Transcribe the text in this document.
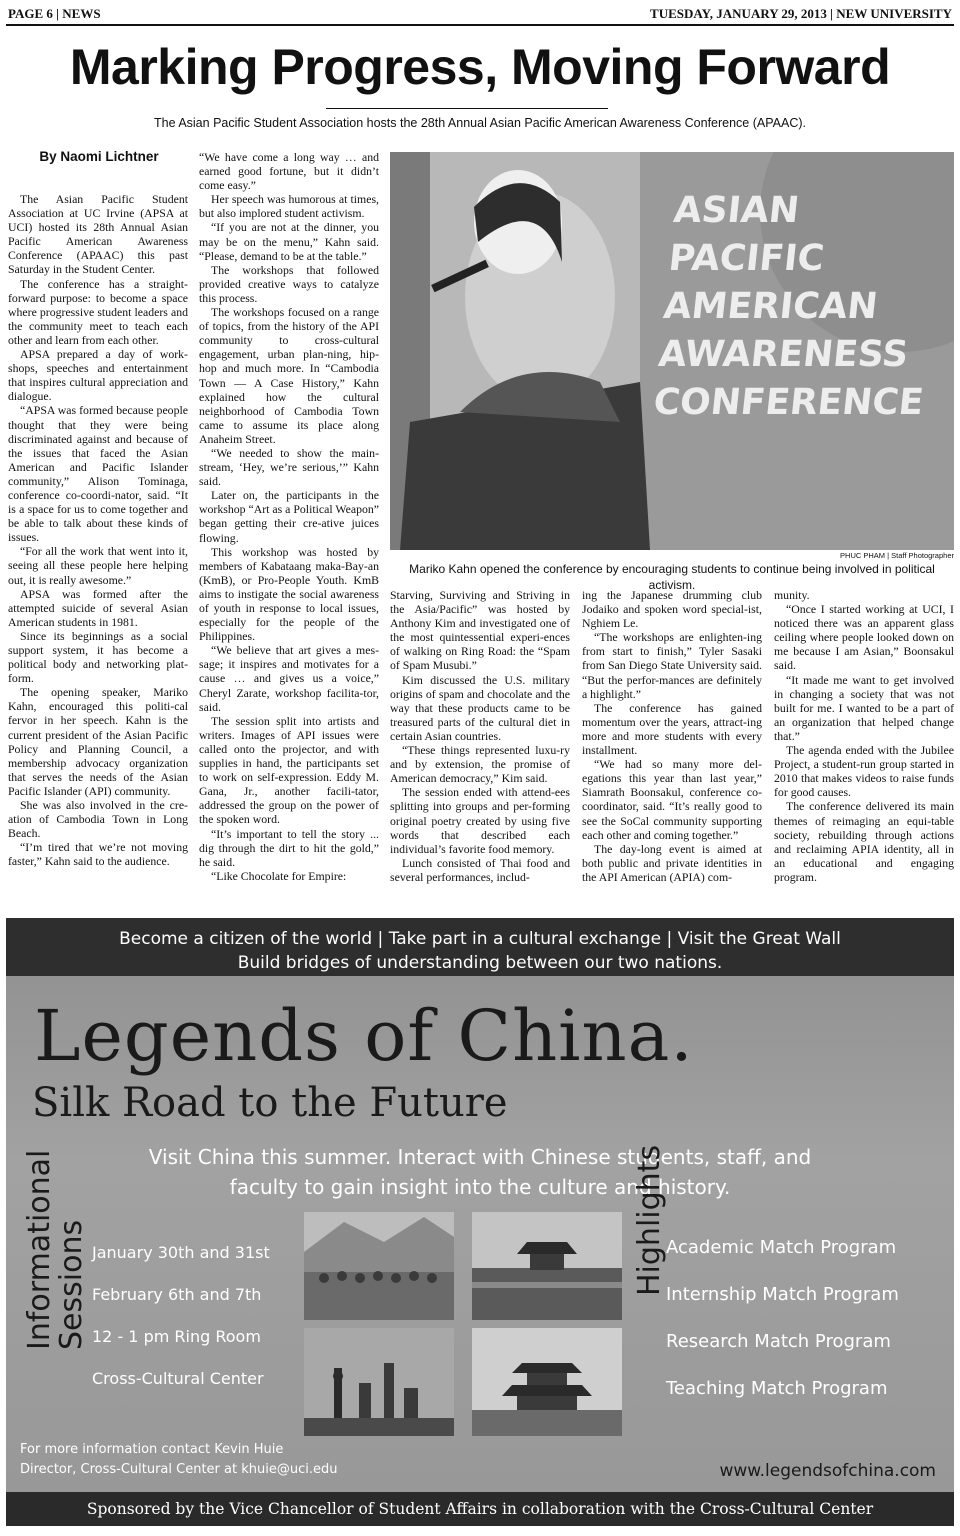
PAGE 6 | NEWS	TUESDAY, JANUARY 29, 2013 | NEW UNIVERSITY
Marking Progress, Moving Forward
The Asian Pacific Student Association hosts the 28th Annual Asian Pacific American Awareness Conference (APAAC).
By Naomi Lichtner

The Asian Pacific Student Association at UC Irvine (APSA at UCI) hosted its 28th Annual Asian Pacific American Awareness Conference (APAAC) this past Saturday in the Student Center.

The conference has a straight-forward purpose: to become a space where progressive student leaders and the community meet to teach each other and learn from each other.

APSA prepared a day of work-shops, speeches and entertainment that inspires cultural appreciation and dialogue.

“APSA was formed because people thought that they were being discriminated against and because of the issues that faced the Asian American and Pacific Islander community,” Alison Tominaga, conference co-coordi-nator, said. “It is a space for us to come together and be able to talk about these kinds of issues.

“For all the work that went into it, seeing all these people here helping out, it is really awesome.”

APSA was formed after the attempted suicide of several Asian American students in 1981.

Since its beginnings as a social support system, it has become a political body and networking plat-form.

The opening speaker, Mariko Kahn, encouraged this politi-cal fervor in her speech. Kahn is the current president of the Asian Pacific Policy and Planning Council, a membership advocacy organization that serves the needs of the Asian Pacific Islander (API) community.

She was also involved in the cre-ation of Cambodia Town in Long Beach.

“I’m tired that we’re not moving faster,” Kahn said to the audience.

“We have come a long way … and earned good fortune, but it didn’t come easy.”

Her speech was humorous at times, but also implored student activism.

“If you are not at the dinner, you may be on the menu,” Kahn said. “Please, demand to be at the table.”

The workshops that followed provided creative ways to catalyze this process.

The workshops focused on a range of topics, from the history of the API community to cross-cultural engagement, urban plan-ning, hip-hop and much more. In “Cambodia Town — A Case History,” Kahn explained how the cultural neighborhood of Cambodia Town came to assume its place along Anaheim Street.

“We needed to show the main-stream, ‘Hey, we’re serious,’” Kahn said.

Later on, the participants in the workshop “Art as a Political Weapon” began getting their cre-ative juices flowing.

This workshop was hosted by members of Kabataang maka-Bay-an (KmB), or Pro-People Youth. KmB aims to instigate the social awareness of youth in response to local issues, especially for the people of the Philippines.

“We believe that art gives a mes-sage; it inspires and motivates for a cause … and gives us a voice,” Cheryl Zarate, workshop facilita-tor, said.

The session split into artists and writers. Images of API issues were called onto the projector, and with supplies in hand, the participants set to work on self-expression. Eddy M. Gana, Jr., another facili-tator, addressed the group on the power of the spoken word.

“It’s important to tell the story ... dig through the dirt to hit the gold,” he said.

“Like Chocolate for Empire:

ASIAN
PACIFIC
AMERICAN
AWARENESS
CONFERENCE
PHUC PHAM | Staff Photographer
Mariko Kahn opened the conference by encouraging students to continue being involved in political activism.

Starving, Surviving and Striving in the Asia/Pacific” was hosted by Anthony Kim and investigated one of the most quintessential experi-ences of walking on Ring Road: the “Spam of Spam Musubi.”

Kim discussed the U.S. military origins of spam and chocolate and the way that these products came to be treasured parts of the cultural diet in certain Asian countries.

“These things represented luxu-ry and by extension, the promise of American democracy,” Kim said.

The session ended with attend-ees splitting into groups and per-forming original poetry created by using five words that described each individual’s favorite food memory.

Lunch consisted of Thai food and several performances, includ-

ing the Japanese drumming club Jodaiko and spoken word special-ist, Nghiem Le.

“The workshops are enlighten-ing from start to finish,” Tyler Sasaki from San Diego State University said. “But the perfor-mances are definitely a highlight.”

The conference has gained momentum over the years, attract-ing more and more students with every installment.

“We had so many more del-egations this year than last year,” Siamrath Boonsakul, conference co-coordinator, said. “It’s really good to see the SoCal community supporting each other and coming together.”

The day-long event is aimed at both public and private identities in the API American (APIA) com-

munity.

“Once I started working at UCI, I noticed there was an apparent glass ceiling where people looked down on me because I am Asian,” Boonsakul said.

“It made me want to get involved in changing a society that was not built for me. I wanted to be a part of an organization that helped change that.”

The agenda ended with the Jubilee Project, a student-run group started in 2010 that makes videos to raise funds for good causes.

The conference delivered its main themes of reimaging an equi-table society, rebuilding through actions and reclaiming APIA identity, all in an educational and engaging program.

Become a citizen of the world | Take part in a cultural exchange | Visit the Great Wall
Build bridges of understanding between our two nations.
Legends of China.
Silk Road to the Future
Visit China this summer. Interact with Chinese students, staff, and
faculty to gain insight into the culture and history.
Informational
Sessions January 30th and 31st
February 6th and 7th
12 - 1 pm Ring Room
Cross-Cultural Center
Highlights Academic Match Program
Internship Match Program
Research Match Program
Teaching Match Program
For more information contact Kevin Huie
Director, Cross-Cultural Center at khuie@uci.edu	www.legendsofchina.com
Sponsored by the Vice Chancellor of Student Affairs in collaboration with the Cross-Cultural Center
